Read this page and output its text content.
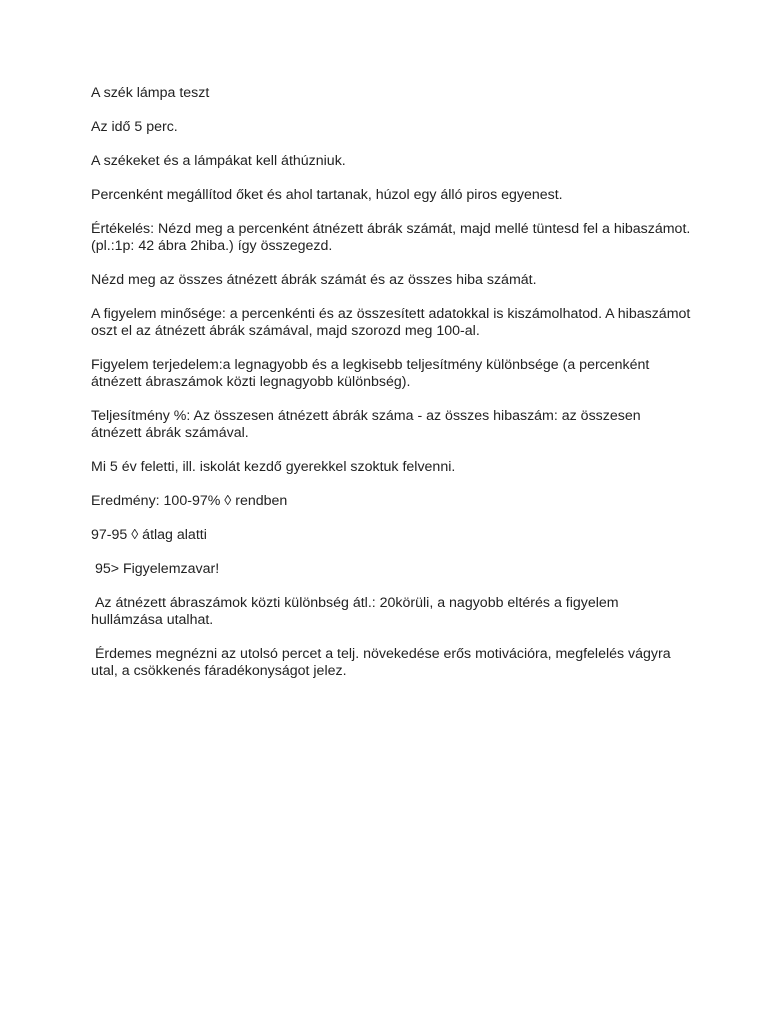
A szék lámpa teszt

Az idő 5 perc.

A székeket és a lámpákat kell áthúzniuk.

Percenként megállítod őket és ahol tartanak, húzol egy álló piros egyenest.

Értékelés: Nézd meg a percenként átnézett ábrák számát, majd mellé tüntesd fel a hibaszámot. (pl.:1p: 42 ábra 2hiba.) így összegezd.

Nézd meg az összes átnézett ábrák számát és az összes hiba számát.

A figyelem minősége: a percenkénti és az összesített adatokkal is kiszámolhatod. A hibaszámot oszt el az átnézett ábrák számával, majd szorozd meg 100-al.

Figyelem terjedelem:a legnagyobb és a legkisebb teljesítmény különbsége (a percenként átnézett ábraszámok közti legnagyobb különbség).

Teljesítmény %: Az összesen átnézett ábrák száma - az összes hibaszám: az összesen átnézett ábrák számával.

Mi 5 év feletti, ill. iskolát kezdő gyerekkel szoktuk felvenni.

Eredmény: 100-97% ◊ rendben

97-95 ◊ átlag alatti

95> Figyelemzavar!

Az átnézett ábraszámok közti különbség átl.: 20körüli, a nagyobb eltérés a figyelem hullámzása utalhat.

Érdemes megnézni az utolsó percet a telj. növekedése erős motivációra, megfelelés vágyra utal, a csökkenés fáradékonyságot jelez.
